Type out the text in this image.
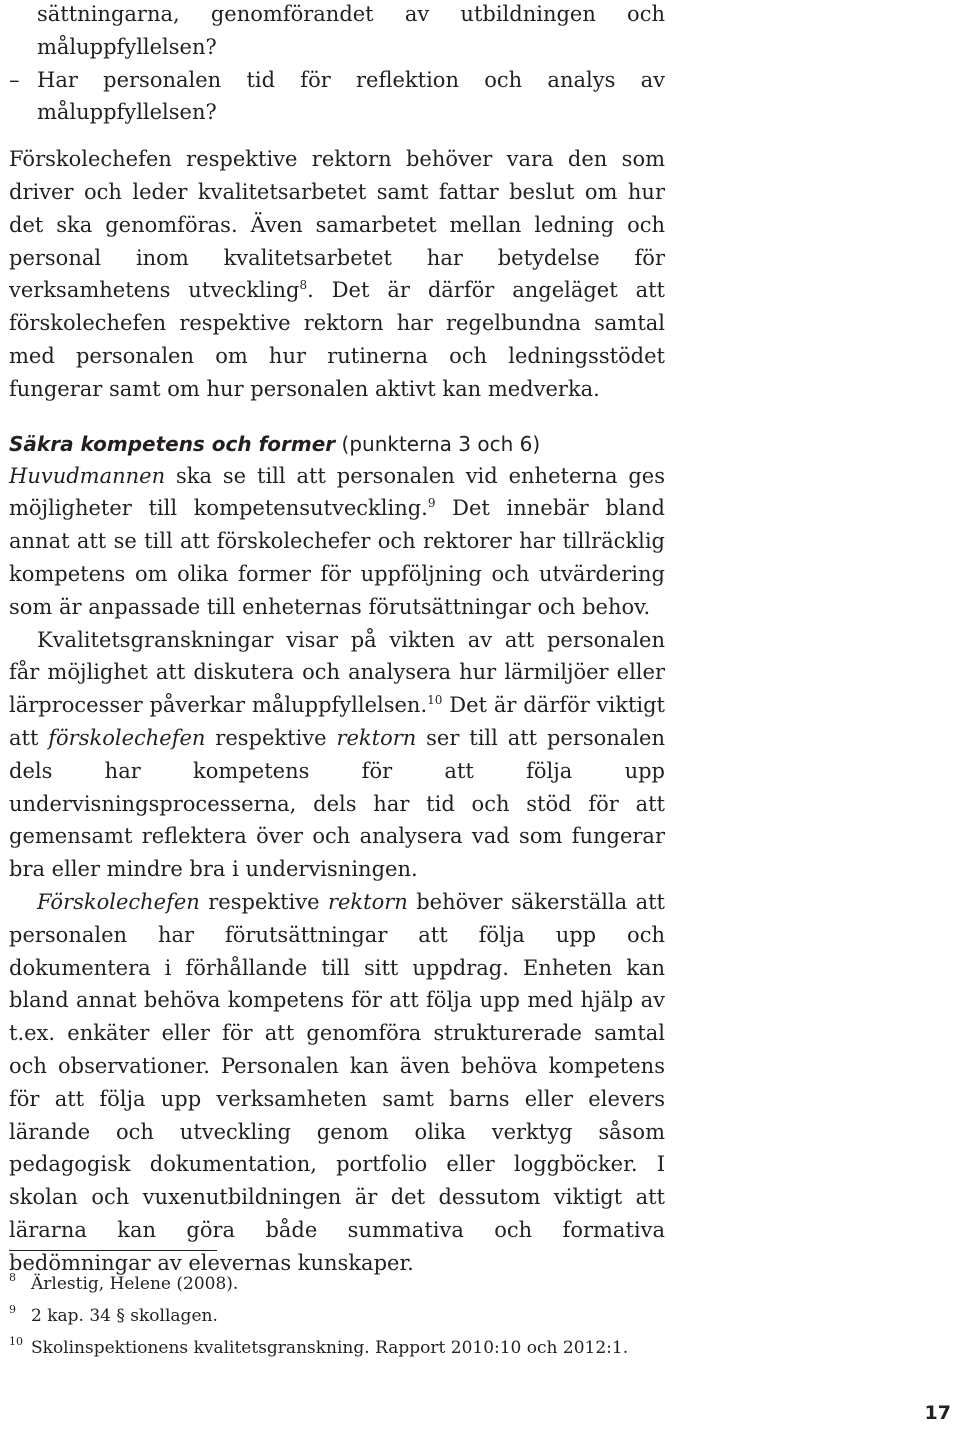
sättningarna, genomförandet av utbildningen och måluppfyllelsen?

– Har personalen tid för reflektion och analys av måluppfyllelsen?

Förskolechefen respektive rektorn behöver vara den som driver och leder kvalitetsarbetet samt fattar beslut om hur det ska genomföras. Även samarbetet mellan ledning och personal inom kvalitetsarbetet har betydelse för verksamhetens utveckling$^8$. Det är därför angeläget att förskolechefen respektive rektorn har regelbundna samtal med personalen om hur rutinerna och ledningsstödet fungerar samt om hur personalen aktivt kan medverka.

Säkra kompetens och former (punkterna 3 och 6)

Huvudmannen ska se till att personalen vid enheterna ges möjligheter till kompetensutveckling.$^9$ Det innebär bland annat att se till att förskolechefer och rektorer har tillräcklig kompetens om olika former för uppföljning och utvärdering som är anpassade till enheternas förutsättningar och behov.

Kvalitetsgranskningar visar på vikten av att personalen får möjlighet att diskutera och analysera hur lärmiljöer eller lärprocesser påverkar måluppfyllelsen.$^{10}$ Det är därför viktigt att förskolechefen respektive rektorn ser till att personalen dels har kompetens för att följa upp undervisningsprocesserna, dels har tid och stöd för att gemensamt reflektera över och analysera vad som fungerar bra eller mindre bra i undervisningen.

Förskolechefen respektive rektorn behöver säkerställa att personalen har förutsättningar att följa upp och dokumentera i förhållande till sitt uppdrag. Enheten kan bland annat behöva kompetens för att följa upp med hjälp av t.ex. enkäter eller för att genomföra strukturerade samtal och observationer. Personalen kan även behöva kompetens för att följa upp verksamheten samt barns eller elevers lärande och utveckling genom olika verktyg såsom pedagogisk dokumentation, portfolio eller loggböcker. I skolan och vuxenutbildningen är det dessutom viktigt att lärarna kan göra både summativa och formativa bedömningar av elevernas kunskaper.

8 Ärlestig, Helene (2008).

9 2 kap. 34 § skollagen.

10 Skolinspektionens kvalitetsgranskning. Rapport 2010:10 och 2012:1.

17
